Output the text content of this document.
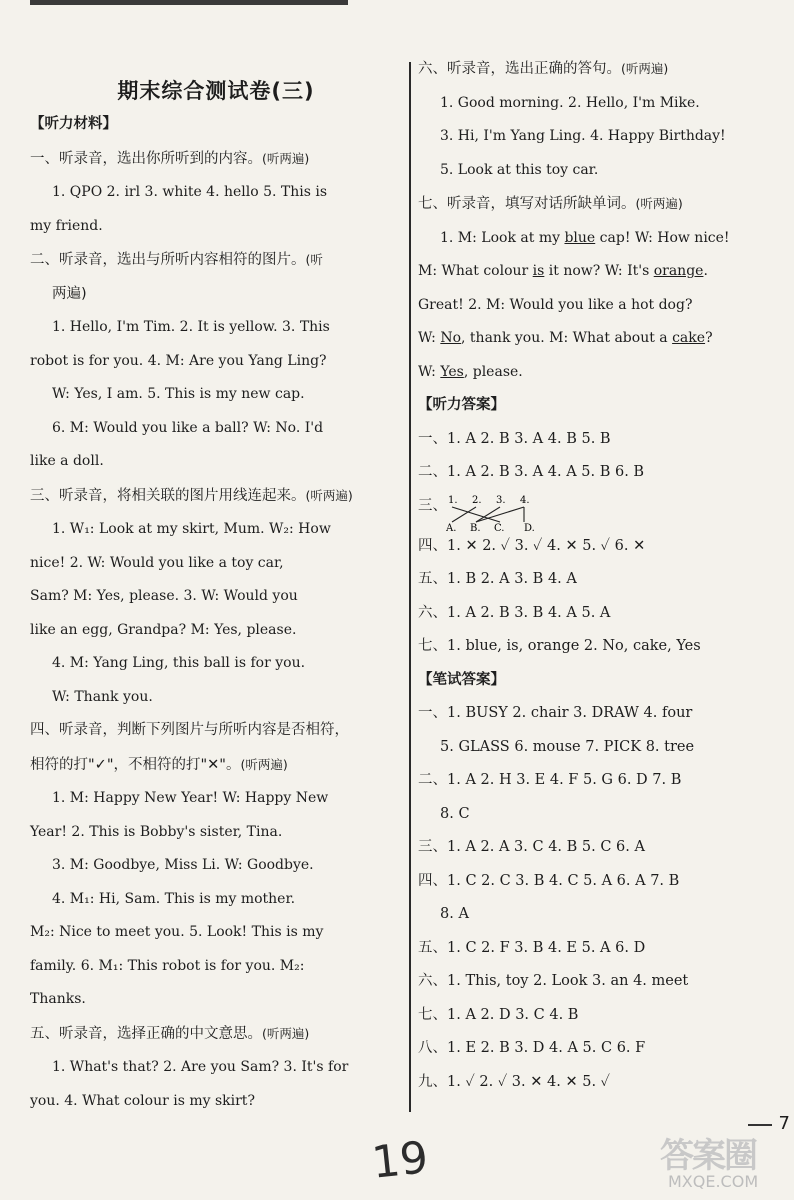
期末综合测试卷(三)

【听力材料】

一、听录音，选出你所听到的内容。(听两遍)

1. QPO 2. irl 3. white 4. hello 5. This is

my friend.

二、听录音，选出与所听内容相符的图片。(听

两遍)

1. Hello, I'm Tim. 2. It is yellow. 3. This

robot is for you. 4. M: Are you Yang Ling?

W: Yes, I am. 5. This is my new cap.

6. M: Would you like a ball? W: No. I'd

like a doll.

三、听录音，将相关联的图片用线连起来。(听两遍)

1. W₁: Look at my skirt, Mum. W₂: How

nice! 2. W: Would you like a toy car,

Sam? M: Yes, please. 3. W: Would you

like an egg, Grandpa? M: Yes, please.

4. M: Yang Ling, this ball is for you.

W: Thank you.

四、听录音，判断下列图片与所听内容是否相符，

相符的打"✓"，不相符的打"✕"。(听两遍)

1. M: Happy New Year! W: Happy New

Year! 2. This is Bobby's sister, Tina.

3. M: Goodbye, Miss Li. W: Goodbye.

4. M₁: Hi, Sam. This is my mother.

M₂: Nice to meet you. 5. Look! This is my

family. 6. M₁: This robot is for you. M₂:

Thanks.

五、听录音，选择正确的中文意思。(听两遍)

1. What's that? 2. Are you Sam? 3. It's for

you. 4. What colour is my skirt?

六、听录音，选出正确的答句。(听两遍)

1. Good morning. 2. Hello, I'm Mike.

3. Hi, I'm Yang Ling. 4. Happy Birthday!

5. Look at this toy car.

七、听录音，填写对话所缺单词。(听两遍)

1. M: Look at my blue cap! W: How nice!

M: What colour is it now? W: It's orange.

Great! 2. M: Would you like a hot dog?

W: No, thank you. M: What about a cake?

W: Yes, please.

【听力答案】

一、1. A 2. B 3. A 4. B 5. B

二、1. A 2. B 3. A 4. A 5. B 6. B

三、 1. 2. 3. 4.
A. B. C. D.

四、1. ✕ 2. ✓ 3. ✓ 4. ✕ 5. ✓ 6. ✕

五、1. B 2. A 3. B 4. A

六、1. A 2. B 3. B 4. A 5. A

七、1. blue, is, orange 2. No, cake, Yes

【笔试答案】

一、1. BUSY 2. chair 3. DRAW 4. four

5. GLASS 6. mouse 7. PICK 8. tree

二、1. A 2. H 3. E 4. F 5. G 6. D 7. B

8. C

三、1. A 2. A 3. C 4. B 5. C 6. A

四、1. C 2. C 3. B 4. C 5. A 6. A 7. B

8. A

五、1. C 2. F 3. B 4. E 5. A 6. D

六、1. This, toy 2. Look 3. an 4. meet

七、1. A 2. D 3. C 4. B

八、1. E 2. B 3. D 4. A 5. C 6. F

九、1. ✓ 2. ✓ 3. ✕ 4. ✕ 5. ✓

7
19	答案圈
MXQE.COM
